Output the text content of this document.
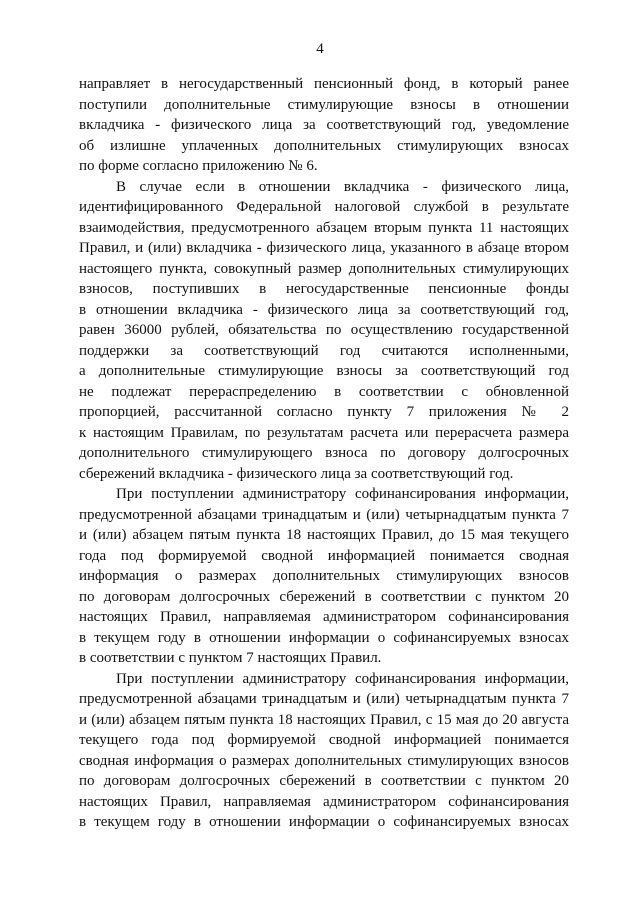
4
направляет в негосударственный пенсионный фонд, в который ранее
поступили дополнительные стимулирующие взносы в отношении
вкладчика - физического лица за соответствующий год, уведомление
об излишне уплаченных дополнительных стимулирующих взносах
по форме согласно приложению № 6.
В случае если в отношении вкладчика - физического лица,
идентифицированного Федеральной налоговой службой в результате
взаимодействия, предусмотренного абзацем вторым пункта 11 настоящих
Правил, и (или) вкладчика - физического лица, указанного в абзаце втором
настоящего пункта, совокупный размер дополнительных стимулирующих
взносов, поступивших в негосударственные пенсионные фонды
в отношении вкладчика - физического лица за соответствующий год,
равен 36000 рублей, обязательства по осуществлению государственной
поддержки за соответствующий год считаются исполненными,
а дополнительные стимулирующие взносы за соответствующий год
не подлежат перераспределению в соответствии с обновленной
пропорцией, рассчитанной согласно пункту 7 приложения № 2
к настоящим Правилам, по результатам расчета или перерасчета размера
дополнительного стимулирующего взноса по договору долгосрочных
сбережений вкладчика - физического лица за соответствующий год.
При поступлении администратору софинансирования информации,
предусмотренной абзацами тринадцатым и (или) четырнадцатым пункта 7
и (или) абзацем пятым пункта 18 настоящих Правил, до 15 мая текущего
года под формируемой сводной информацией понимается сводная
информация о размерах дополнительных стимулирующих взносов
по договорам долгосрочных сбережений в соответствии с пунктом 20
настоящих Правил, направляемая администратором софинансирования
в текущем году в отношении информации о софинансируемых взносах
в соответствии с пунктом 7 настоящих Правил.
При поступлении администратору софинансирования информации,
предусмотренной абзацами тринадцатым и (или) четырнадцатым пункта 7
и (или) абзацем пятым пункта 18 настоящих Правил, с 15 мая до 20 августа
текущего года под формируемой сводной информацией понимается
сводная информация о размерах дополнительных стимулирующих взносов
по договорам долгосрочных сбережений в соответствии с пунктом 20
настоящих Правил, направляемая администратором софинансирования
в текущем году в отношении информации о софинансируемых взносах
